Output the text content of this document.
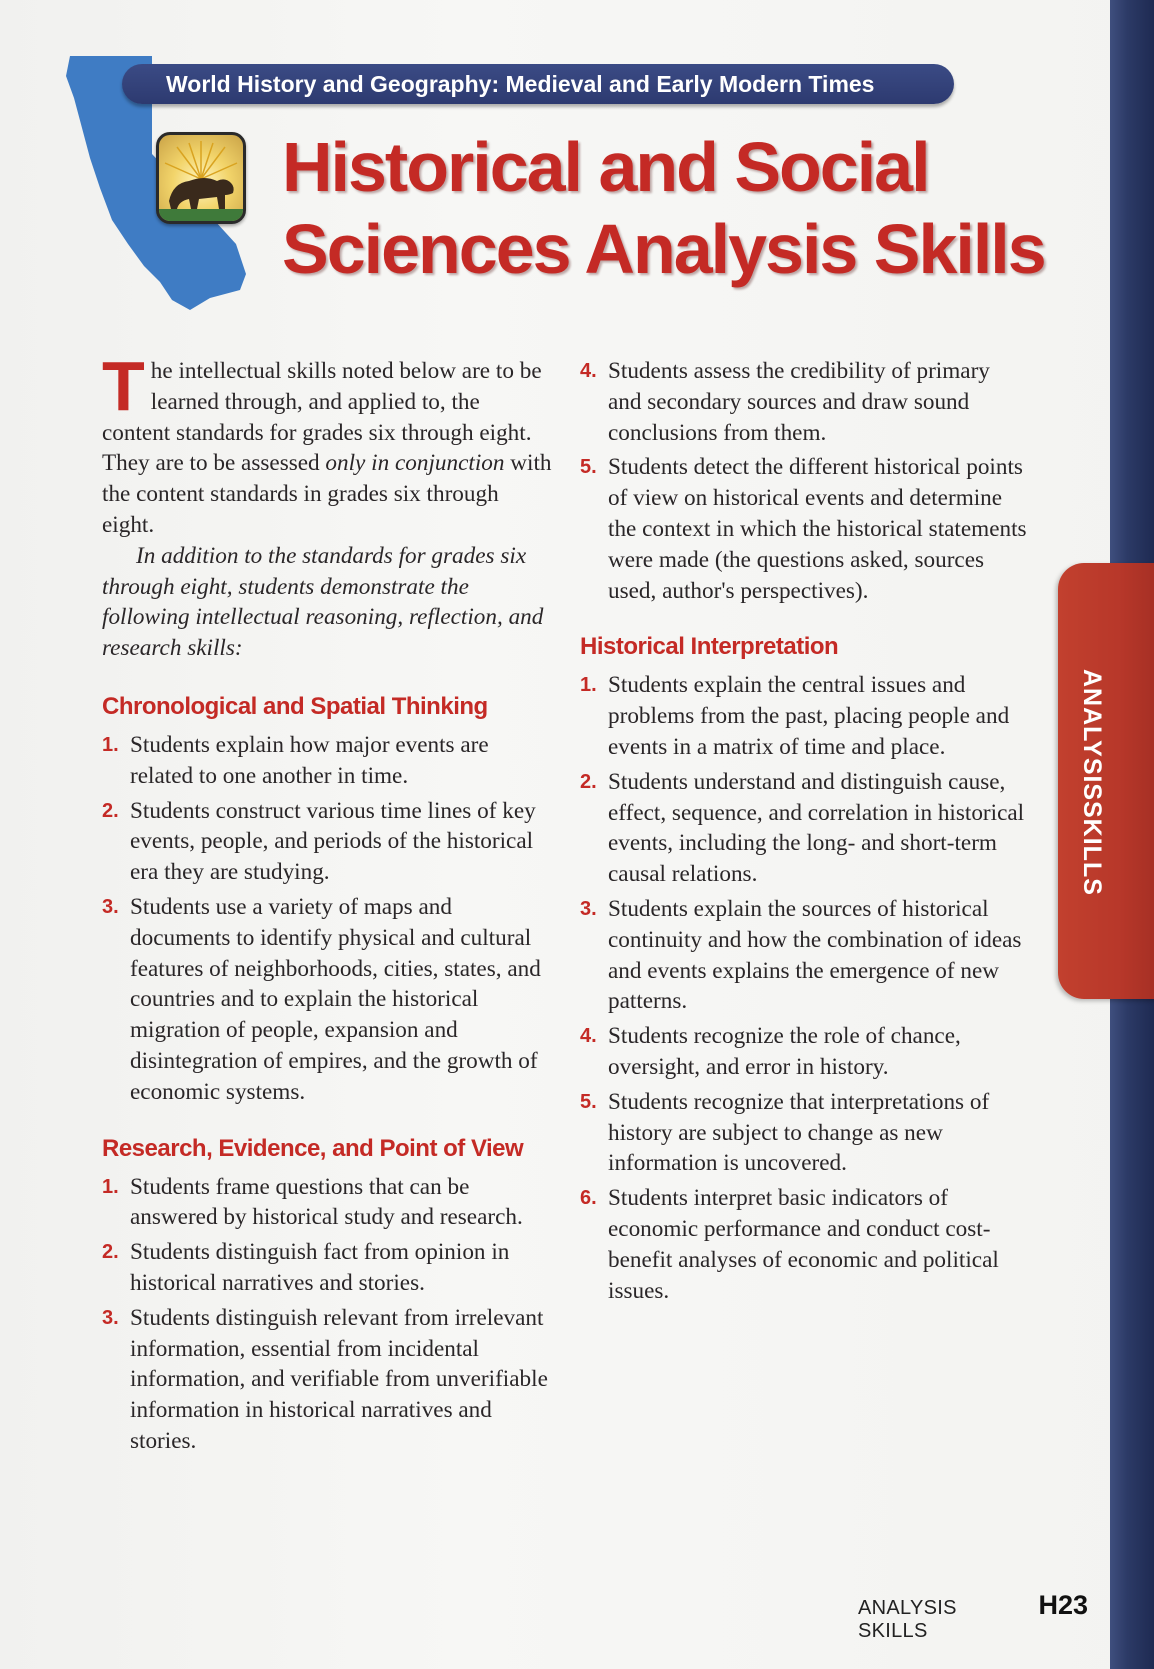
ANALYSIS
SKILLS
World History and Geography: Medieval and Early Modern Times
Historical and Social
Sciences Analysis Skills

The intellectual skills noted below are to be learned through, and applied to, the content standards for grades six through eight. They are to be assessed only in conjunction with the content standards in grades six through eight.

In addition to the standards for grades six through eight, students demonstrate the following intellectual reasoning, reflection, and research skills:

Chronological and Spatial Thinking
1. Students explain how major events are related to one another in time.
2. Students construct various time lines of key events, people, and periods of the historical era they are studying.
3. Students use a variety of maps and documents to identify physical and cultural features of neighborhoods, cities, states, and countries and to explain the historical migration of people, expansion and disintegration of empires, and the growth of economic systems.
Research, Evidence, and Point of View
1. Students frame questions that can be answered by historical study and research.
2. Students distinguish fact from opinion in historical narratives and stories.
3. Students distinguish relevant from irrelevant information, essential from incidental information, and verifiable from unverifiable information in historical narratives and stories.
4. Students assess the credibility of primary and secondary sources and draw sound conclusions from them.
5. Students detect the different historical points of view on historical events and determine the context in which the historical statements were made (the questions asked, sources used, author's perspectives).
Historical Interpretation
1. Students explain the central issues and problems from the past, placing people and events in a matrix of time and place.
2. Students understand and distinguish cause, effect, sequence, and correlation in historical events, including the long- and short-term causal relations.
3. Students explain the sources of historical continuity and how the combination of ideas and events explains the emergence of new patterns.
4. Students recognize the role of chance, oversight, and error in history.
5. Students recognize that interpretations of history are subject to change as new information is uncovered.
6. Students interpret basic indicators of economic performance and conduct cost-benefit analyses of economic and political issues.
ANALYSIS SKILLS
H23
